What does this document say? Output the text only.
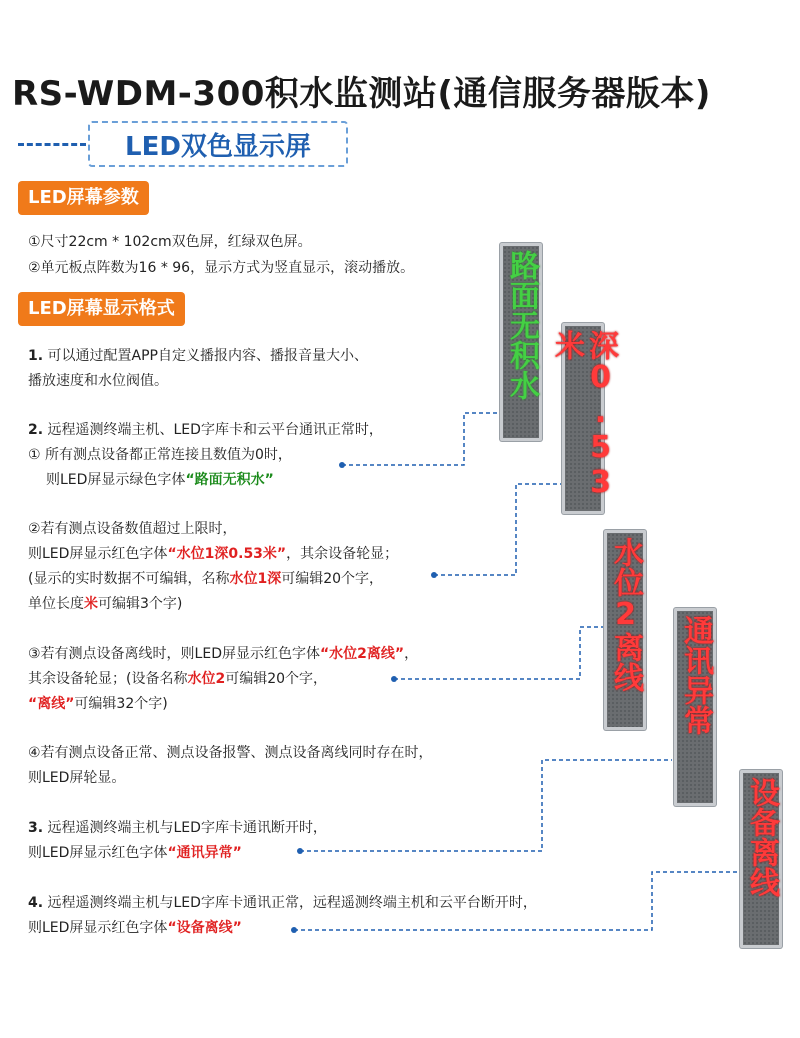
RS-WDM-300积水监测站(通信服务器版本)
LED双色显示屏
LED屏幕参数
①尺寸22cm * 102cm双色屏，红绿双色屏。
②单元板点阵数为16 * 96，显示方式为竖直显示，滚动播放。
LED屏幕显示格式
1. 可以通过配置APP自定义播报内容、播报音量大小、
播放速度和水位阀值。
2. 远程遥测终端主机、LED字库卡和云平台通讯正常时，
① 所有测点设备都正常连接且数值为0时，
则LED屏显示绿色字体“路面无积水”
②若有测点设备数值超过上限时，
则LED屏显示红色字体“水位1深0.53米”，其余设备轮显；
(显示的实时数据不可编辑，名称水位1深可编辑20个字，
单位长度米可编辑3个字)
③若有测点设备离线时，则LED屏显示红色字体“水位2离线”，
其余设备轮显；(设备名称水位2可编辑20个字，
“离线”可编辑32个字)
④若有测点设备正常、测点设备报警、测点设备离线同时存在时，
则LED屏轮显。
3. 远程遥测终端主机与LED字库卡通讯断开时，
则LED屏显示红色字体“通讯异常”
4. 远程遥测终端主机与LED字库卡通讯正常，远程遥测终端主机和云平台断开时，
则LED屏显示红色字体“设备离线”
路面无积水
深0.53米
水位2离线 通讯异常
设备离线
